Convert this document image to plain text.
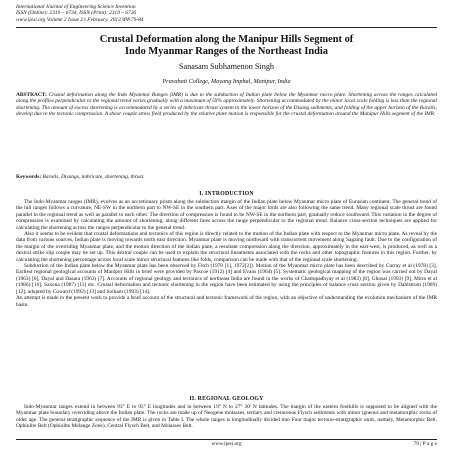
International Journal of Engineering Science Invention
ISSN (Online): 2319 – 6734, ISSN (Print): 2319 – 6726
www.ijesi.org Volume 2 Issue 2 ǁ February. 2013 ǁPP.79-84
Crustal Deformation along the Manipur Hills Segment of
Indo Myanmar Ranges of the Northeast India
Sanasam Subhamenon Singh
Pravabati College, Mayang Imphal, Manipur, India
ABSTRACT: Crustal deformation along the Indo Myanmar Ranges (IMR) is due to the subduction of Indian plate below the Myanmar micro plate. Shortening across the ranges calculated along the profiles perpendicular to the regional trend varies gradually with a maximum of 59% approximately. Shortening accommodated by the minor local scale folding is less than the regional shortening. The amount of excess shortening is accommodated by a series of imbricate thrust system in the lower horizon of the Disang sediments, and folding of the upper horizon of the Barails, develop due to the tectonic compression. A shear couple stress field produced by the relative plate motion is responsible for the crustal deformation around the Manipur Hills segment of the IMR.
Keywords: Barails, Disangs, imbricate, shortening, thrust.
I. INTRODUCTION

The Indo-Myanmar ranges (IMR), evolves as an accretionary prism along the subduction margin of the Indian plate below Myanmar micro plate of Eurasian continent. The general trend of the hill ranges follows a curvature, NE-SW in the northern part to NW-SE in the southern part. Axes of the major folds are also following the same trend. Many regional scale thrust are found parallel to the regional trend as well as parallel to each other. The direction of compression is found to be NW-SE in the northern part, gradually reduce southward. This variation in the degree of compression is examined by calculating the amount of shortening, along different lines across the range perpendicular to the regional trend. Balance cross-section techniques are applied for calculating the shortening across the ranges perpendicular to the general trend.

Also it seems to be evident that crustal deformations and tectonics of this region is directly related to the motion of the Indian plate with respect to the Myanmar micro plate. As reveal by the data from various sources, Indian plate is moving towards north east direction. Myanmar plate is moving northward with transcurrent movement along Sagaing fault. Due to the configuration of the margin of the overriding Myanmar plate, and the motion direction of the Indian plate, a resultant compression along the direction, approximately in the east-west, is produced, as well as a dextral strike slip couple may be set up. This dextral couple can be used to explain the structural lineaments associated with the rocks and other topographic features in this region. Further, by calculating the shortening percentage across local scale minor structural features like folds, comparison can be made with that of the regional scale shortening.

Subduction of the Indian plate below the Myanmar plate has been observed by Fitch (1970 [1], 1972[2]). Motion of the Myanmar micro plate has been described by Curray et al (1978) [3]. Earliest regional geological accounts of Manipur Hills in brief were provided by Pascoe (1912) [4] and Evans (1964) [5]. Systematic geological mapping of the region was carried out by Dayal (1963) [6], Dayal and Dasara (1963) [7]. Accounts of regional geology and tectonics of northeast India are found in the works of Chattopadhyay et al (1983) [8], Ghosal (1993) [9], Mitra et al (1986) [10], Saxena (1987) [11] etc. Crustal deformation and tectonic shortening in the region have been estimated by using the principles of balance cross section given by Dahlstrom (1969) [12], adopted by Coward (1992) [13] and Soibam (1993) [14].

An attempt is made in the present work to provide a brief account of the structural and tectonic framework of the region, with an objective of understanding the evolution mechanism of the IMR basin.

II. REGIONAL GEOLOGY

Indo-Myanmar ranges extend in between 93° E to 95° E longitudes and in between 19° N to 27° 30' N latitudes. The margin of the eastern foothills is supposed to be aligned with the Myanmar plate boundary overriding above the Indian plate. The rocks are made up of Neogene molasses, tertiary and cretaceous Flysch sediments with minor igneous and metamorphic rocks of older age. The general stratigraphic sequence of the IMR is given in Table I. The whole ranges is longitudinally divided into Four major tectono-stratigraphic units, namely, Metamorphic Belt, Ophiolite Belt (Ophiolite Mélange Zone), Central Flysch Belt, and Molasses Belt.

www.ijesi.org	79 | P a g e
